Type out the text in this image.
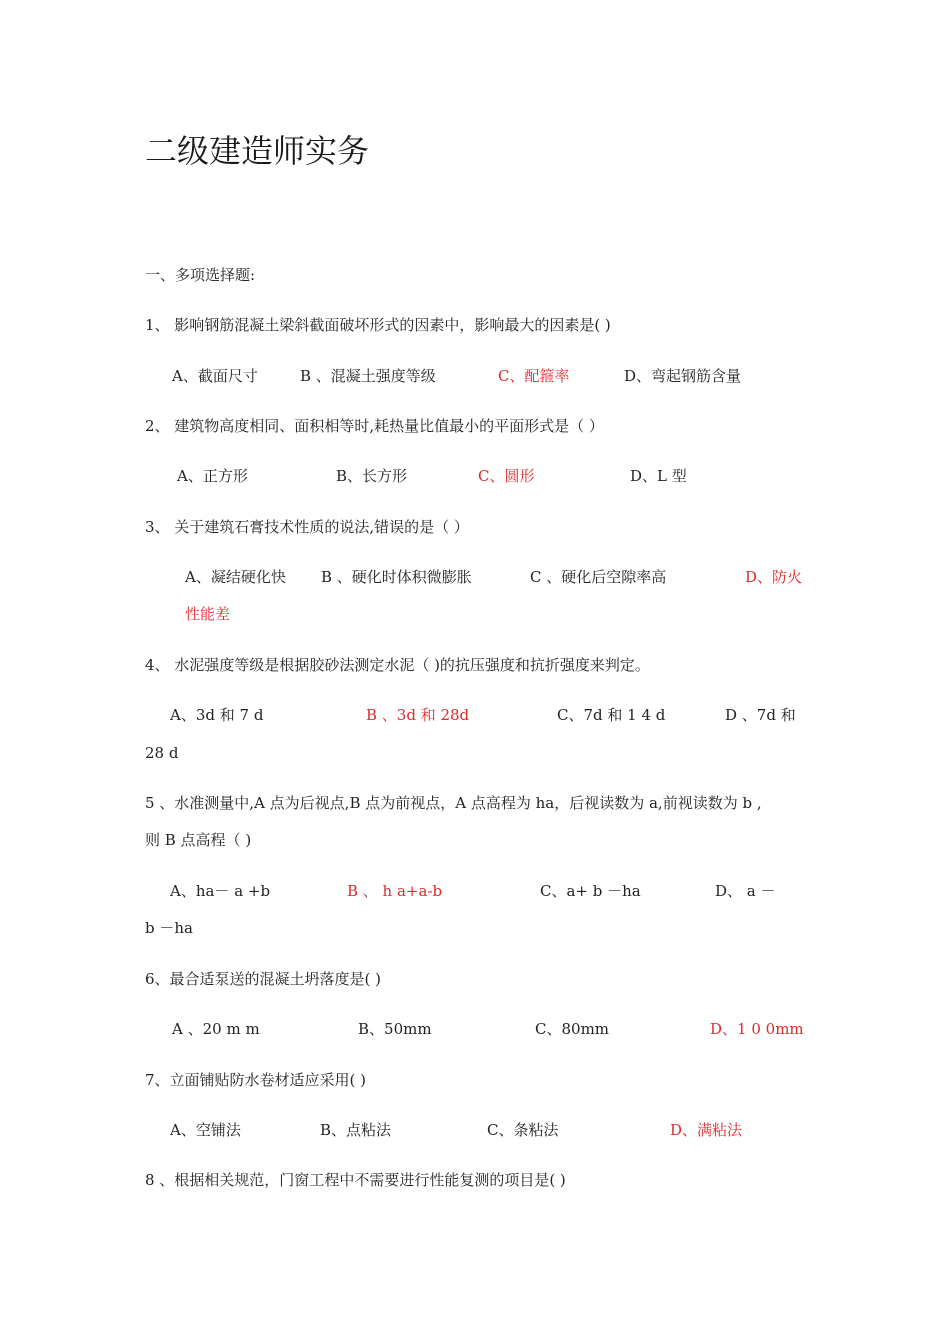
二级建造师实务
一、多项选择题:
1、 影响钢筋混凝土梁斜截面破坏形式的因素中，影响最大的因素是( )
A、截面尺寸	B 、混凝土强度等级	C、配箍率	D、弯起钢筋含量
2、 建筑物高度相同、面积相等时,耗热量比值最小的平面形式是（ ）
A、正方形	B、长方形	C、圆形	D、L 型
3、 关于建筑石膏技术性质的说法,错误的是（ ）
A、凝结硬化快 B 、硬化时体积微膨胀	C 、硬化后空隙率高	D、防火
性能差
4、 水泥强度等级是根据胶砂法测定水泥（ )的抗压强度和抗折强度来判定。
A、3d 和 7 d	B 、3d 和 28d	C、7d 和 1 4 d	D 、7d 和
28 d
5 、水准测量中,A 点为后视点,B 点为前视点，A 点高程为 ha，后视读数为 a,前视读数为 b ,
则 B 点高程（ )
A、ha－ a +b	B 、 h a+a-b	C、a+ b －ha	D、 a －
b －ha
6、最合适泵送的混凝土坍落度是( )
A 、20 m m	B、50mm	C、80mm	D、1 0 0mm
7、立面铺贴防水卷材适应采用( )
A、空铺法	B、点粘法	C、条粘法	D、满粘法
8 、根据相关规范，门窗工程中不需要进行性能复测的项目是( )
